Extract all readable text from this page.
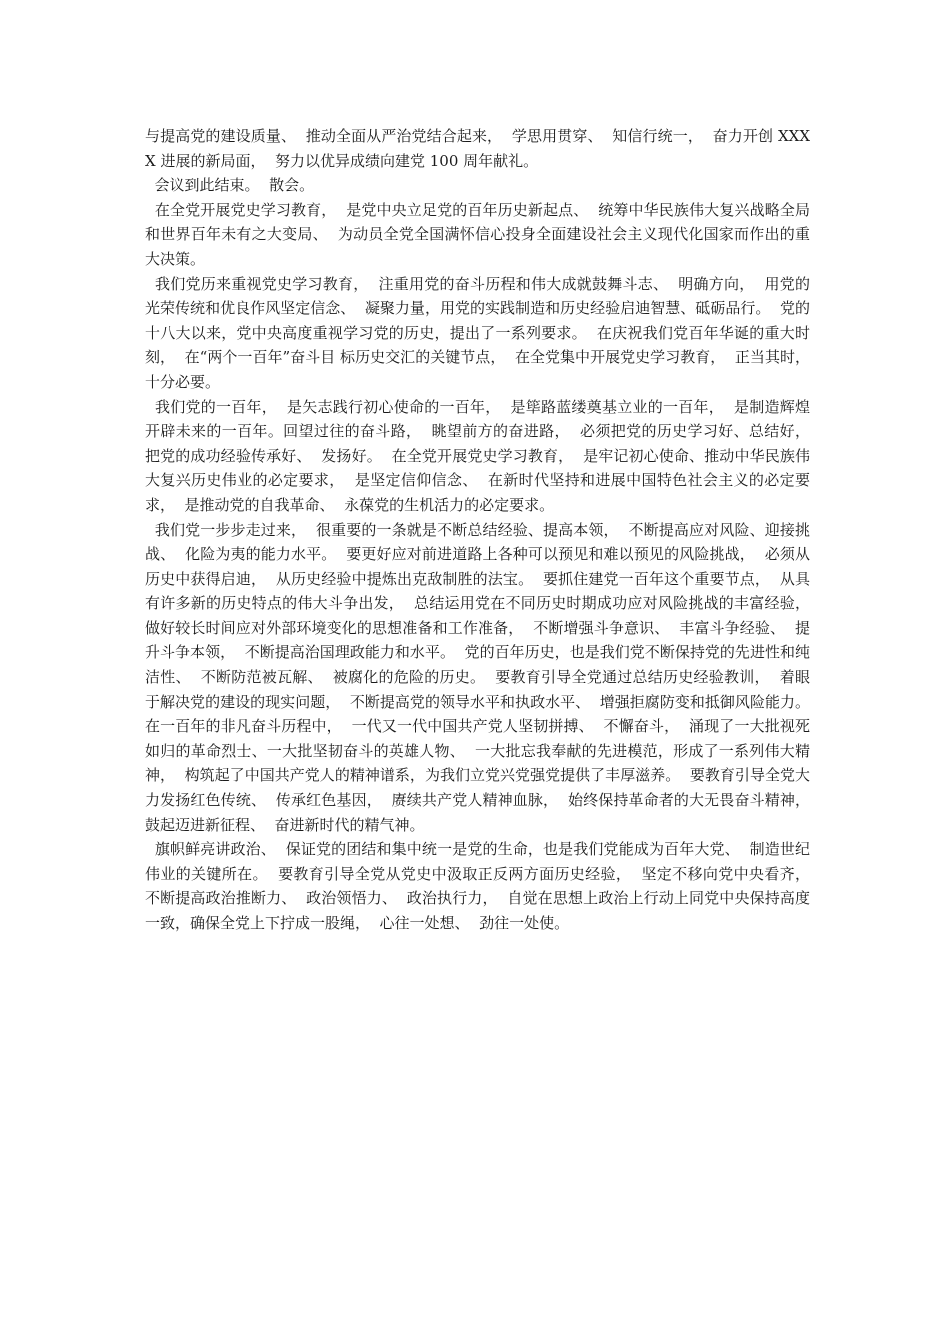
与提高党的建设质量、  推动全面从严治党结合起来，  学思用贯穿、  知信行统一，  奋力开创 XXXX 进展的新局面，  努力以优异成绩向建党 100 周年献礼。

会议到此结束。  散会。

在全党开展党史学习教育，  是党中央立足党的百年历史新起点、  统筹中华民族伟大复兴战略全局和世界百年未有之大变局、  为动员全党全国满怀信心投身全面建设社会主义现代化国家而作出的重大决策。

我们党历来重视党史学习教育，  注重用党的奋斗历程和伟大成就鼓舞斗志、  明确方向，  用党的光荣传统和优良作风坚定信念、  凝聚力量，用党的实践制造和历史经验启迪智慧、砥砺品行。  党的十八大以来，党中央高度重视学习党的历史，提出了一系列要求。  在庆祝我们党百年华诞的重大时刻，  在“两个一百年”奋斗目 标历史交汇的关键节点，  在全党集中开展党史学习教育，  正当其时，  十分必要。

我们党的一百年，  是矢志践行初心使命的一百年，  是筚路蓝缕奠基立业的一百年，  是制造辉煌开辟未来的一百年。回望过往的奋斗路，  眺望前方的奋进路，  必须把党的历史学习好、总结好，  把党的成功经验传承好、  发扬好。  在全党开展党史学习教育，  是牢记初心使命、推动中华民族伟大复兴历史伟业的必定要求，  是坚定信仰信念、  在新时代坚持和进展中国特色社会主义的必定要求，  是推动党的自我革命、  永葆党的生机活力的必定要求。

我们党一步步走过来，  很重要的一条就是不断总结经验、提高本领，  不断提高应对风险、迎接挑战、  化险为夷的能力水平。  要更好应对前进道路上各种可以预见和难以预见的风险挑战，  必须从历史中获得启迪，  从历史经验中提炼出克敌制胜的法宝。  要抓住建党一百年这个重要节点，  从具有许多新的历史特点的伟大斗争出发，  总结运用党在不同历史时期成功应对风险挑战的丰富经验，  做好较长时间应对外部环境变化的思想准备和工作准备，  不断增强斗争意识、  丰富斗争经验、  提升斗争本领，  不断提高治国理政能力和水平。  党的百年历史，也是我们党不断保持党的先进性和纯洁性、  不断防范被瓦解、  被腐化的危险的历史。  要教育引导全党通过总结历史经验教训，  着眼于解决党的建设的现实问题，  不断提高党的领导水平和执政水平、  增强拒腐防变和抵御风险能力。在一百年的非凡奋斗历程中，  一代又一代中国共产党人坚韧拼搏、  不懈奋斗，  涌现了一大批视死如归的革命烈士、一大批坚韧奋斗的英雄人物、  一大批忘我奉献的先进模范，形成了一系列伟大精神，  构筑起了中国共产党人的精神谱系，为我们立党兴党强党提供了丰厚滋养。  要教育引导全党大力发扬红色传统、  传承红色基因，  赓续共产党人精神血脉，  始终保持革命者的大无畏奋斗精神，  鼓起迈进新征程、  奋进新时代的精气神。

旗帜鲜亮讲政治、  保证党的团结和集中统一是党的生命，也是我们党能成为百年大党、  制造世纪伟业的关键所在。  要教育引导全党从党史中汲取正反两方面历史经验，  坚定不移向党中央看齐，  不断提高政治推断力、  政治领悟力、  政治执行力，  自觉在思想上政治上行动上同党中央保持高度一致，确保全党上下拧成一股绳，  心往一处想、  劲往一处使。
